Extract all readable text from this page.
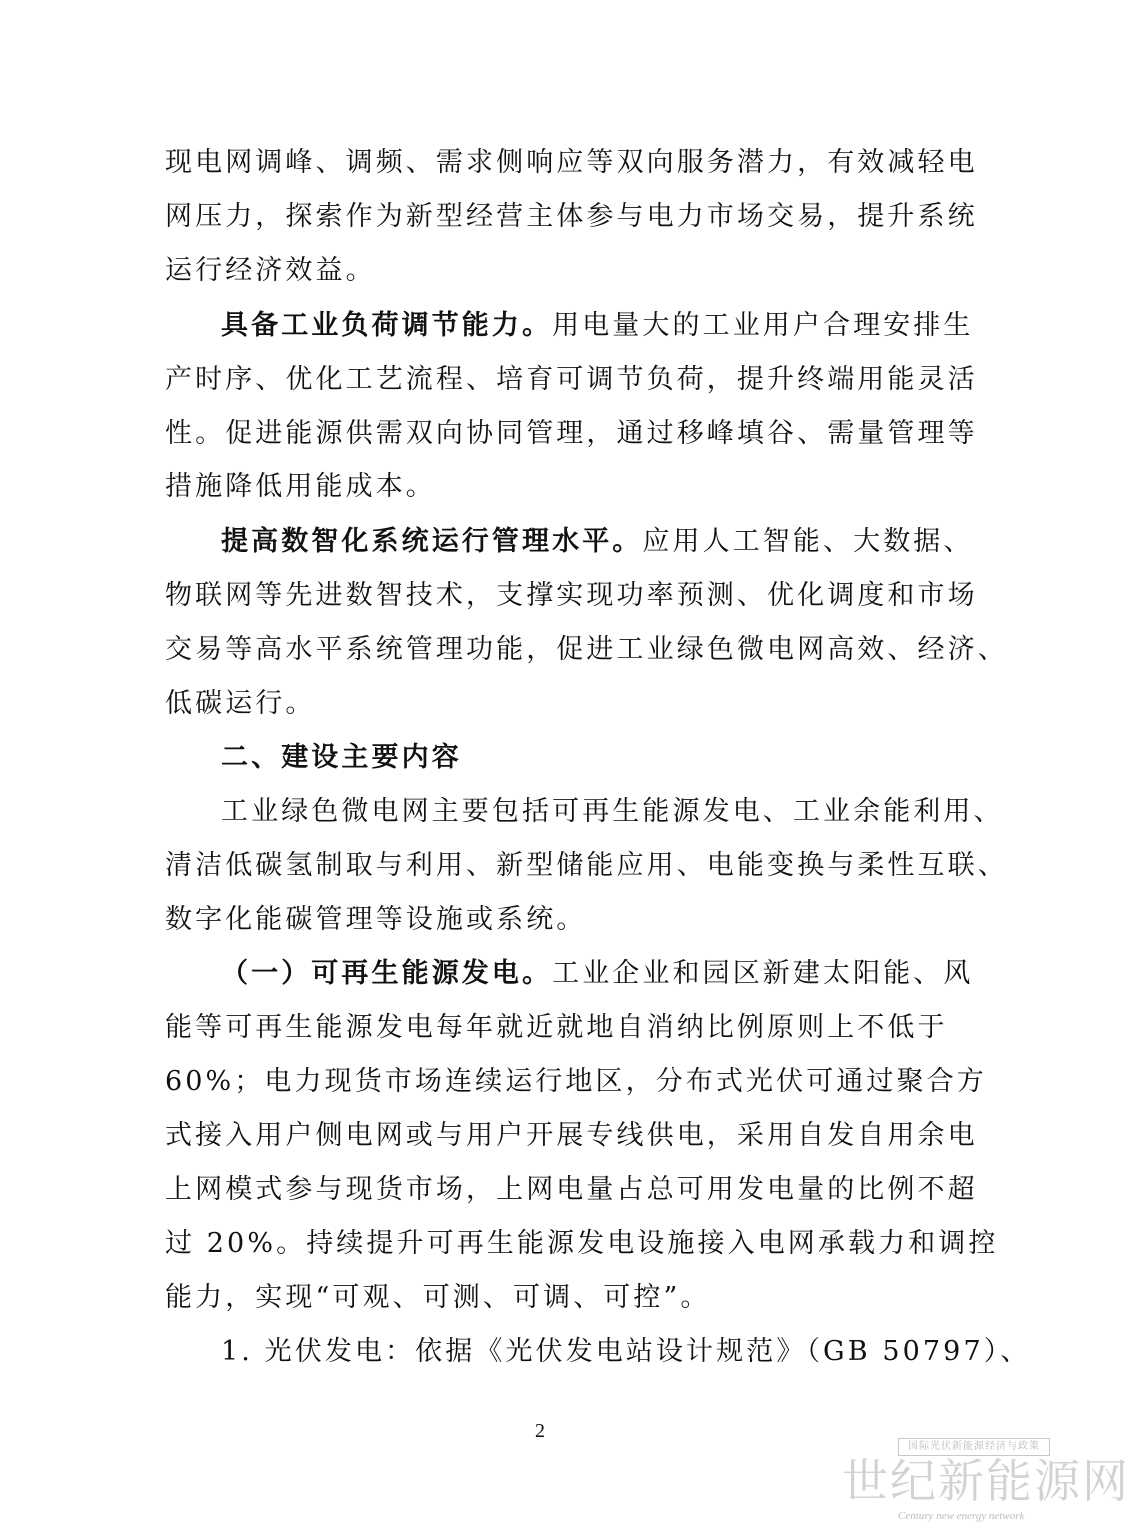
现电网调峰、调频、需求侧响应等双向服务潜力，有效减轻电
网压力，探索作为新型经营主体参与电力市场交易，提升系统
运行经济效益。
具备工业负荷调节能力。用电量大的工业用户合理安排生
产时序、优化工艺流程、培育可调节负荷，提升终端用能灵活
性。促进能源供需双向协同管理，通过移峰填谷、需量管理等
措施降低用能成本。
提高数智化系统运行管理水平。应用人工智能、大数据、
物联网等先进数智技术，支撑实现功率预测、优化调度和市场
交易等高水平系统管理功能，促进工业绿色微电网高效、经济、
低碳运行。
二、建设主要内容
工业绿色微电网主要包括可再生能源发电、工业余能利用、
清洁低碳氢制取与利用、新型储能应用、电能变换与柔性互联、
数字化能碳管理等设施或系统。
（一）可再生能源发电。工业企业和园区新建太阳能、风
能等可再生能源发电每年就近就地自消纳比例原则上不低于
60%；电力现货市场连续运行地区，分布式光伏可通过聚合方
式接入用户侧电网或与用户开展专线供电，采用自发自用余电
上网模式参与现货市场，上网电量占总可用发电量的比例不超
过 20%。持续提升可再生能源发电设施接入电网承载力和调控
能力，实现“可观、可测、可调、可控”。
1. 光伏发电：依据《光伏发电站设计规范》（GB 50797）、
2
国际光伏新能源经济与政策
世纪新能源网
Century new energy network
